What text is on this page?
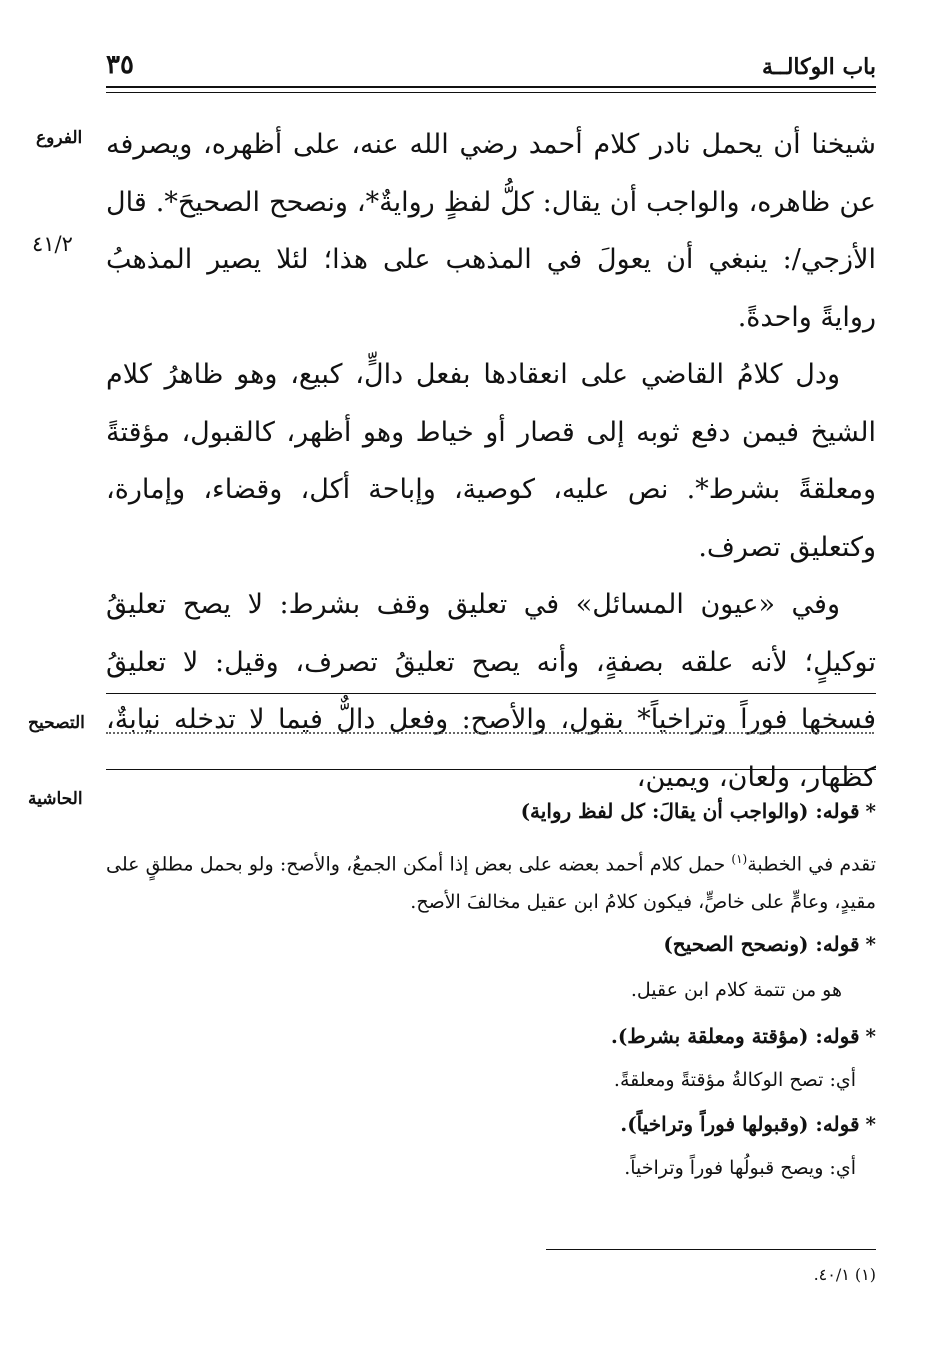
باب الوكالــة
٣٥
الفروع
٤١/٢
التصحيح
الحاشية

شيخنا أن يحمل نادر كلام أحمد رضي الله عنه، على أظهره، ويصرفه عن ظاهره، والواجب أن يقال: كلُّ لفظٍ روايةٌ*، ونصحح الصحيحَ*. قال الأزجي/: ينبغي أن يعولَ في المذهب على هذا؛ لئلا يصير المذهبُ روايةً واحدةً.

ودل كلامُ القاضي على انعقادها بفعل دالٍّ، كبيع، وهو ظاهرُ كلام الشيخ فيمن دفع ثوبه إلى قصار أو خياط وهو أظهر، كالقبول، مؤقتةً ومعلقةً بشرط*. نص عليه، كوصية، وإباحة أكل، وقضاء، وإمارة، وكتعليق تصرف.

وفي «عيون المسائل» في تعليق وقف بشرط: لا يصح تعليقُ توكيلٍ؛ لأنه علقه بصفةٍ، وأنه يصح تعليقُ تصرف، وقيل: لا تعليقُ فسخها فوراً وتراخياً* بقول، والأصح: وفعل دالٌّ فيما لا تدخله نيابةٌ، كظهار، ولعان، ويمين،

*قوله: (والواجب أن يقالَ: كل لفظ رواية)

تقدم في الخطبة$^{(١)}$ حمل كلام أحمد بعضه على بعض إذا أمكن الجمعُ، والأصح: ولو بحمل مطلقٍ على مقيدٍ، وعامٍّ على خاصٍّ، فيكون كلامُ ابن عقيل مخالفَ الأصح.

*قوله: (ونصحح الصحيح)

هو من تتمة كلام ابن عقيل.

*قوله: (مؤقتة ومعلقة بشرط).

أي: تصح الوكالةُ مؤقتةً ومعلقةً.

*قوله: (وقبولها فوراً وتراخياً).

أي: ويصح قبولُها فوراً وتراخياً.

(١) ٤٠/١.
